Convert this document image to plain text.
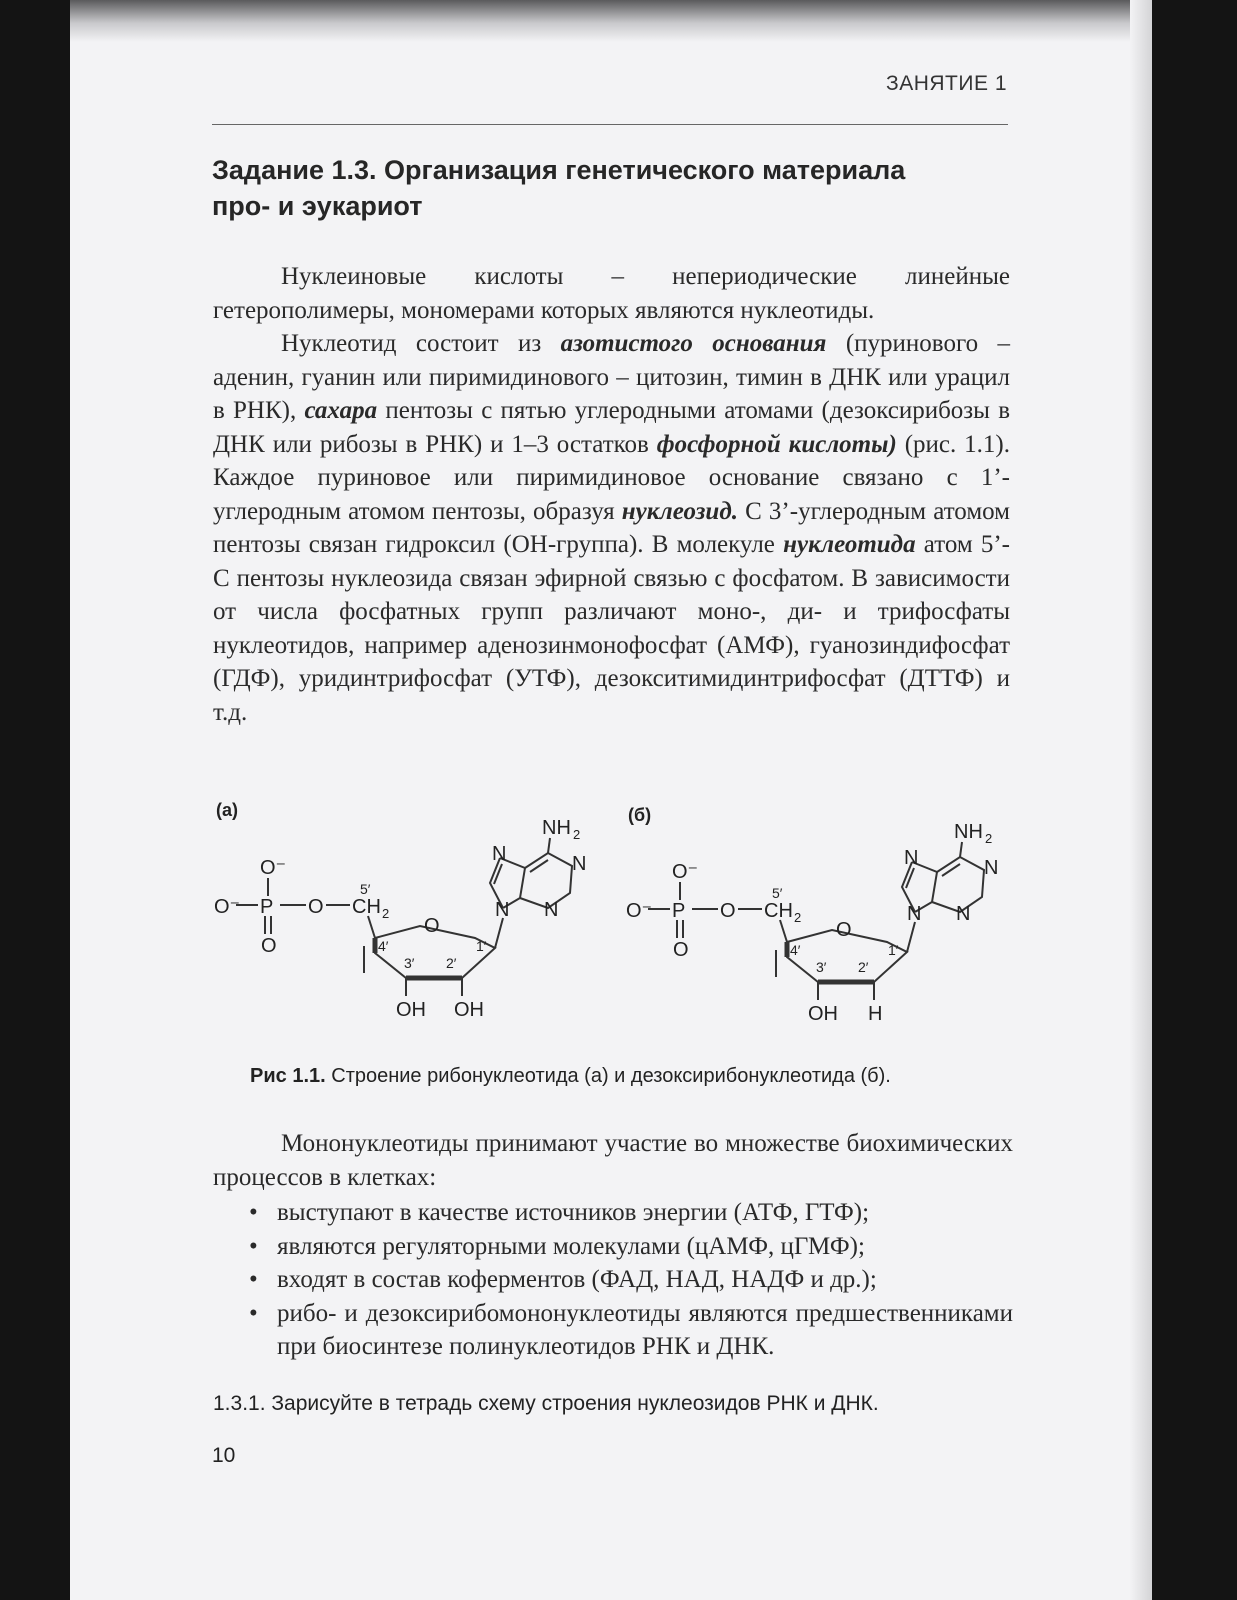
ЗАНЯТИЕ 1
Задание 1.3. Организация генетического материала
про- и эукариот

Нуклеиновые кислоты – непериодические линейные гетерополимеры, мономерами которых являются нуклеотиды.

Нуклеотид состоит из азотистого основания (пуринового – аденин, гуанин или пиримидинового – цитозин, тимин в ДНК или урацил в РНК), сахара пентозы с пятью углеродными атомами (дезоксирибозы в ДНК или рибозы в РНК) и 1–3 остатков фосфорной кислоты) (рис. 1.1). Каждое пуриновое или пиримидиновое основание связано с 1’-углеродным атомом пентозы, образуя нуклеозид. С 3’-углеродным атомом пентозы связан гидроксил (ОН-группа). В молекуле нуклеотида атом 5’-С пентозы нуклеозида связан эфирной связью с фосфатом. В зависимости от числа фосфатных групп различают моно-, ди- и трифосфаты нуклеотидов, например аденозинмонофосфат (АМФ), гуанозиндифосфат (ГДФ), уридинтрифосфат (УТФ), дезокситимидинтрифосфат (ДТТФ) и т.д.

(а)	(б)
O⁻
O⁻ P O
O
5′
CH 2
O
4′	1′
3′ 2′
OH OH
N
N	N
N
NH 2
O⁻
O⁻ P O
O
5′
CH 2
O
4′	1′
3′ 2′
OH H
N
N	N
N
NH 2
Рис 1.1. Строение рибонуклеотида (а) и дезоксирибонуклеотида (б).

Мононуклеотиды принимают участие во множестве биохимических процессов в клетках:

• выступают в качестве источников энергии (АТФ, ГТФ);
• являются регуляторными молекулами (цАМФ, цГМФ);
• входят в состав коферментов (ФАД, НАД, НАДФ и др.);
• рибо- и дезоксирибомононуклеотиды являются предшественниками при биосинтезе полинуклеотидов РНК и ДНК.
1.3.1. Зарисуйте в тетрадь схему строения нуклеозидов РНК и ДНК.
10
